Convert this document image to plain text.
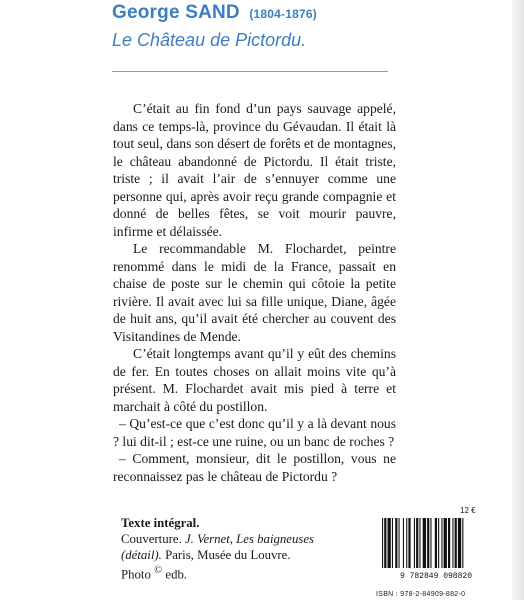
George SAND (1804-1876)
Le Château de Pictordu.

C’était au fin fond d’un pays sauvage appelé, dans ce temps-là, province du Gévaudan. Il était là tout seul, dans son désert de forêts et de montagnes, le château abandonné de Pictordu. Il était triste, triste ; il avait l’air de s’ennuyer comme une personne qui, après avoir reçu grande compagnie et donné de belles fêtes, se voit mourir pauvre, infirme et délaissée.

Le recommandable M. Flochardet, peintre renommé dans le midi de la France, passait en chaise de poste sur le chemin qui côtoie la petite rivière. Il avait avec lui sa fille unique, Diane, âgée de huit ans, qu’il avait été chercher au couvent des Visitandines de Mende.

C’était longtemps avant qu’il y eût des chemins de fer. En toutes choses on allait moins vite qu’à présent. M. Flochardet avait mis pied à terre et marchait à côté du postillon.

– Qu’est-ce que c’est donc qu’il y a là devant nous ? lui dit-il ; est-ce une ruine, ou un banc de roches ?

– Comment, monsieur, dit le postillon, vous ne reconnaissez pas le château de Pictordu ?

Texte intégral.
Couverture. J. Vernet, Les baigneuses
(détail). Paris, Musée du Louvre.
Photo © edb.
12 €
9 782849 098820
ISBN : 978-2-84909-882-0
